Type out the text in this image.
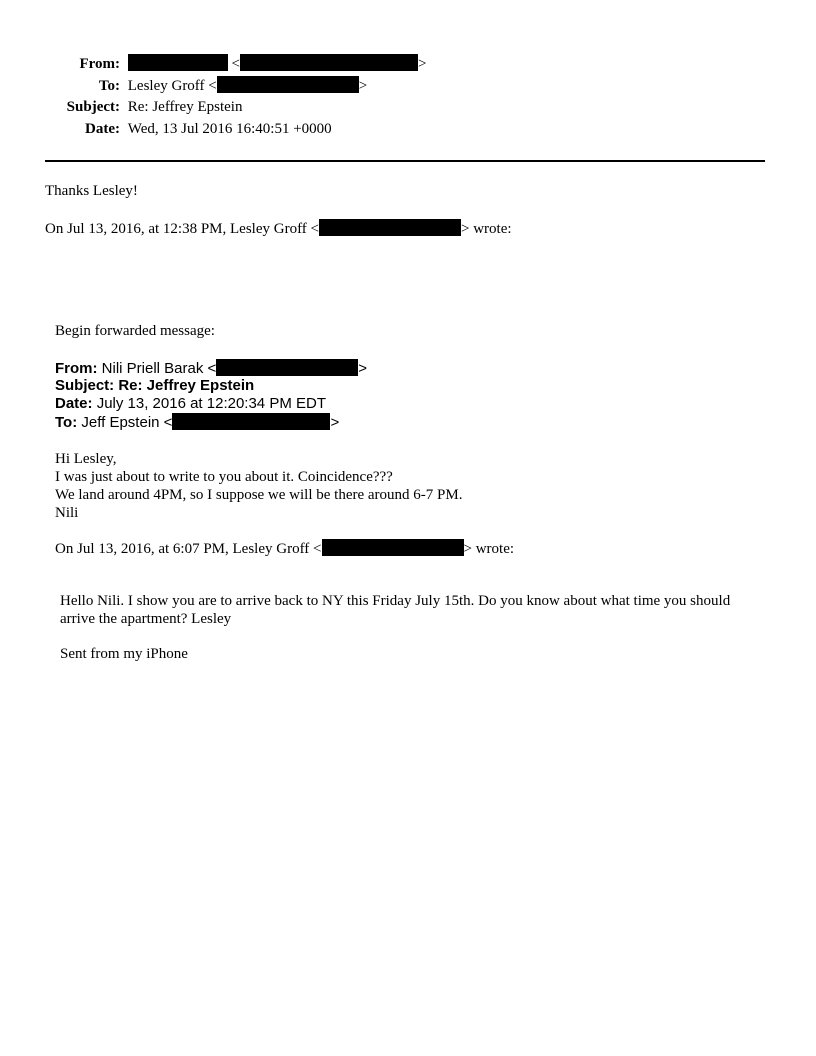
From:	<	>
To: Lesley Groff <	>
Subject: Re: Jeffrey Epstein
Date: Wed, 13 Jul 2016 16:40:51 +0000
Thanks Lesley!
On Jul 13, 2016, at 12:38 PM, Lesley Groff <	> wrote:
Begin forwarded message:
From: Nili Priell Barak <	>
Subject: Re: Jeffrey Epstein
Date: July 13, 2016 at 12:20:34 PM EDT
To: Jeff Epstein <	>
Hi Lesley,
I was just about to write to you about it. Coincidence???
We land around 4PM, so I suppose we will be there around 6-7 PM.
Nili
On Jul 13, 2016, at 6:07 PM, Lesley Groff <	> wrote:
Hello Nili. I show you are to arrive back to NY this Friday July 15th. Do you know about what time you should arrive the apartment? Lesley
Sent from my iPhone
